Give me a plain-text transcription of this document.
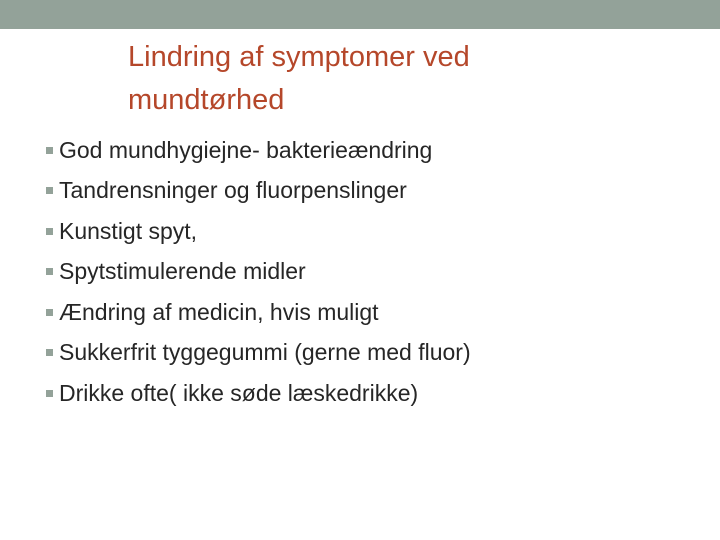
Lindring af symptomer ved
mundtørhed
God mundhygiejne- bakterieændring
Tandrensninger og fluorpenslinger
Kunstigt spyt,
Spytstimulerende midler
Ændring af medicin, hvis muligt
Sukkerfrit tyggegummi (gerne med fluor)
Drikke ofte( ikke søde læskedrikke)
